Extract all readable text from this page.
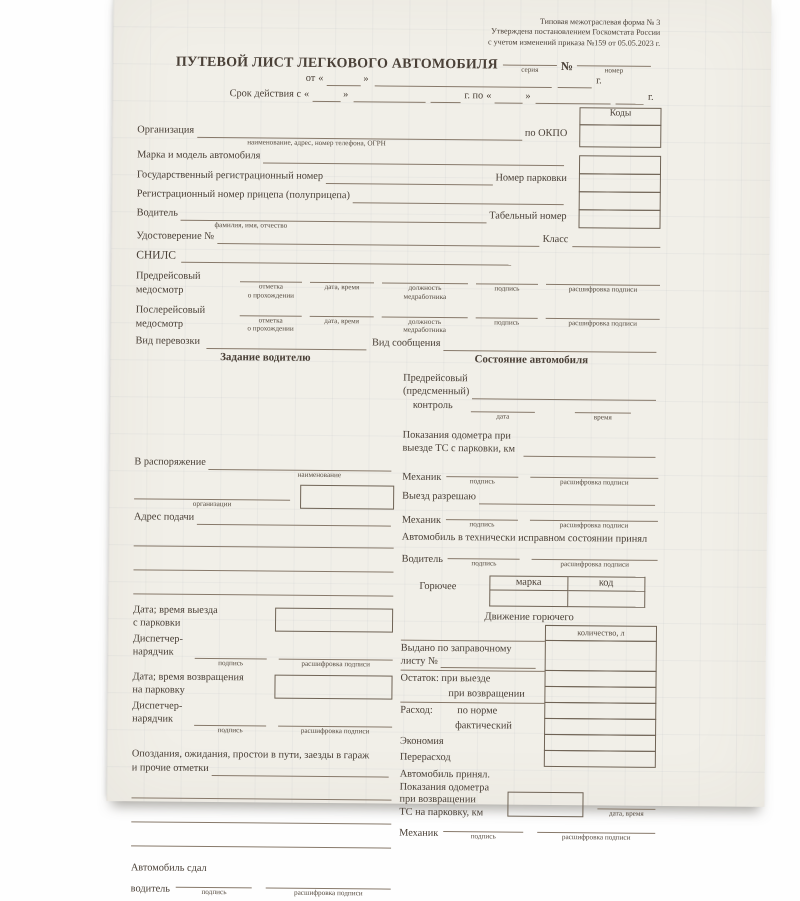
Типовая межотраслевая форма № 3
Утверждена постановлением Госкомстата России
с учетом изменений приказа №159 от 05.05.2023 г.
ПУТЕВОЙ ЛИСТ ЛЕГКОВОГО АВТОМОБИЛЯ	серия	№	номер
от «	»	г.
Срок действия с «	»	г. по «	»	г.
Коды
Организация	по ОКПО
наименование, адрес, номер телефона, ОГРН
Марка и модель автомобиля
Государственный регистрационный номер	Номер парковки
Регистрационный номер прицепа (полуприцепа)
Водитель	Табельный номер
фамилия, имя, отчество
Удостоверение №	Класс
СНИЛС
Предрейсовый
медосмотр	отметка
о прохождении
дата, время	должность
медработника
подпись	расшифровка подписи
Послерейсовый
медосмотр	отметка
о прохождении
дата, время	должность
медработника
подпись	расшифровка подписи
Вид перевозки	Вид сообщения
Задание водителю
В распоряжение
наименование
организации
Адрес подачи
Дата; время выезда
с парковки
Диспетчер-
нарядчик
подпись	расшифровка подписи
Дата; время возвращения
на парковку
Диспетчер-
нарядчик
подпись	расшифровка подписи
Опоздания, ожидания, простои в пути, заезды в гараж
и прочие отметки
Автомобиль сдал
водитель	подпись	расшифровка подписи
Состояние автомобиля
Предрейсовый
(предсменный)
контроль
дата	время
Показания одометра при
выезде ТС с парковки, км
Механик	подпись	расшифровка подписи
Выезд разрешаю
Механик	подпись	расшифровка подписи
Автомобиль в технически исправном состоянии принял
Водитель	подпись	расшифровка подписи
Горючее	марка	код
Движение горючего
количество, л
Выдано по заправочному
листу №
Остаток: при выезде
при возвращении
Расход: по норме
фактический
Экономия
Перерасход
Автомобиль принял.
Показания одометра
при возвращении
ТС на парковку, км	дата, время
Механик	подпись	расшифровка подписи
